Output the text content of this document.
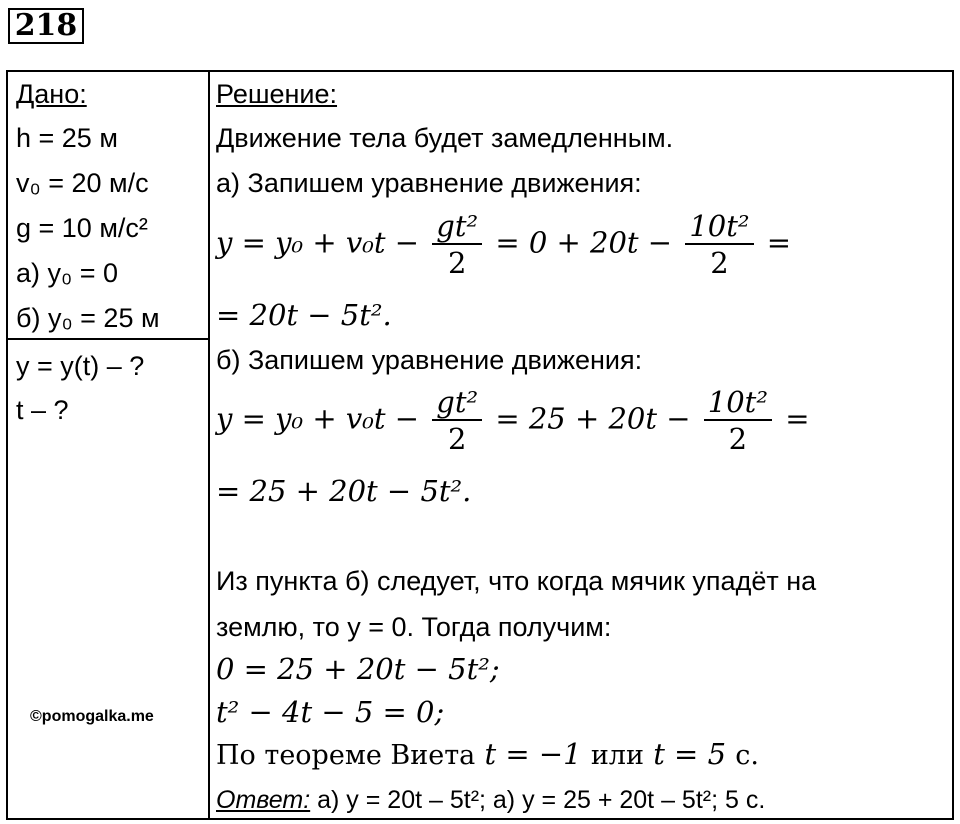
218
Дано:
h = 25 м
v₀ = 20 м/с
g = 10 м/с²
а) y₀ = 0
б) y₀ = 25 м
y = y(t) – ?
t – ?
©pomogalka.me
Решение:
Движение тела будет замедленным.
а) Запишем уравнение движения:
$y = y_0 + v_0t - \frac{\text{gt²}}{2} = 0 + 20t - \frac{\text{10t²}}{2}$ =
= 20t − 5t².
б) Запишем уравнение движения:
$y = y_0 + v_0t - \frac{\text{gt²}}{2} = 25 + 20t - \frac{\text{10t²}}{2}$ =
= 25 + 20t − 5t².
Из пункта б) следует, что когда мячик упадёт на
землю, то y = 0. Тогда получим:
0 = 25 + 20t − 5t²;
t² − 4t − 5 = 0;
По теореме Виета t = −1 или t = 5 с.
Ответ: а) y = 20t – 5t²; а) y = 25 + 20t – 5t²; 5 с.
